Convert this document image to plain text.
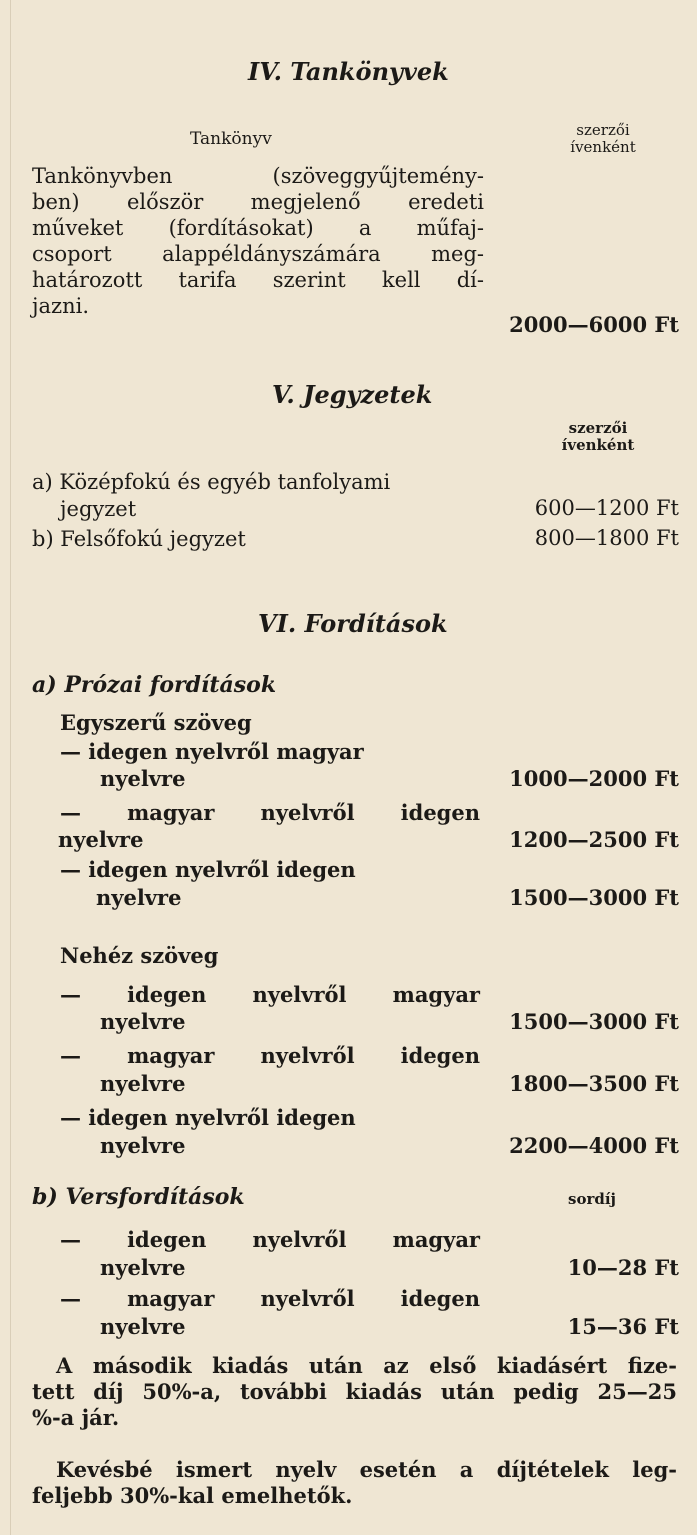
IV. Tankönyvek
Tankönyv	szerzői
ívenként
Tankönyvben (szöveggyűjtemény-
ben) először megjelenő eredeti
műveket (fordításokat) a műfaj-
csoport alappéldányszámára meg-
határozott tarifa szerint kell dí-
jazni.
2000—6000 Ft
V. Jegyzetek
szerzői
ívenként
a) Középfokú és egyéb tanfolyami
jegyzet	600—1200 Ft
b) Felsőfokú jegyzet	800—1800 Ft
VI. Fordítások
a) Prózai fordítások
Egyszerű szöveg
— idegen nyelvről magyar
nyelvre	1000—2000 Ft
— magyar nyelvről idegen
nyelvre	1200—2500 Ft
— idegen nyelvről idegen
nyelvre	1500—3000 Ft
Nehéz szöveg
— idegen nyelvről magyar
nyelvre	1500—3000 Ft
— magyar nyelvről idegen
nyelvre	1800—3500 Ft
— idegen nyelvről idegen
nyelvre	2200—4000 Ft
b) Versfordítások	sordíj
— idegen nyelvről magyar
nyelvre	10—28 Ft
— magyar nyelvről idegen
nyelvre	15—36 Ft
A második kiadás után az első kiadásért fize-
tett díj 50%-a, további kiadás után pedig 25—25
%-a jár.
Kevésbé ismert nyelv esetén a díjtételek leg-
feljebb 30%-kal emelhetők.
